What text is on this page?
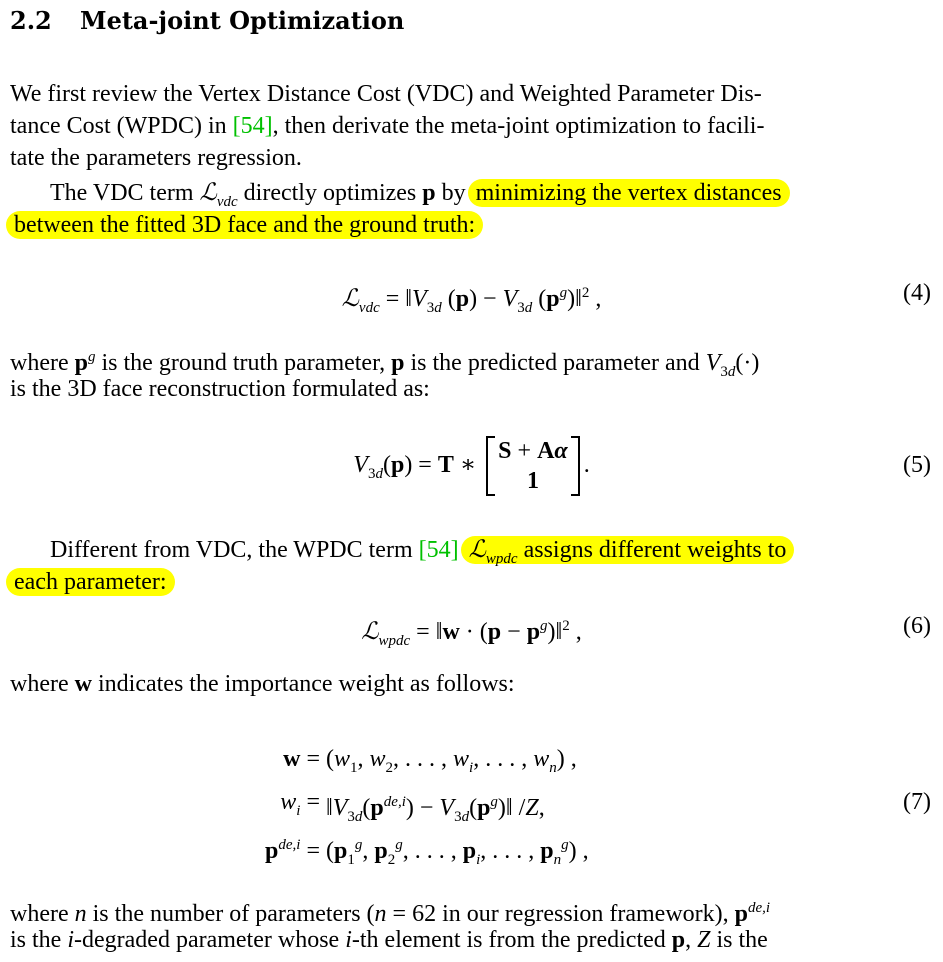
2.2 Meta-joint Optimization
We first review the Vertex Distance Cost (VDC) and Weighted Parameter Dis-
tance Cost (WPDC) in [54], then derivate the meta-joint optimization to facili-
tate the parameters regression.
The VDC term ℒ$_{vdc}$ directly optimizes p by minimizing the vertex distances
between the fitted 3D face and the ground truth:
ℒ$_{vdc}$ = $‖V_{3d}$ $(p) - V_{3d}$ $(p^g)‖^2$ ,	(4)
where $p^g$ is the ground truth parameter, p is the predicted parameter and $V_{3d}(\cdot)$
is the 3D face reconstruction formulated as:
$V_{3d}(p) = T$ ∗ S + Aα
1.	(5)
Different from VDC, the WPDC term [54] ℒ$_{wpdc}$ assigns different weights to
each parameter:
ℒ$_{wpdc}$ = ‖w · $(p - p^g)‖^2$ ,	(6)
where w indicates the importance weight as follows:
$w = (w_1$, $w_2$, . . . , $w_i$, . . . , $w_n$) ,
$w_i$ = $‖V_{3d}(p^{de,i})$ − $V_{3d}(p^g)‖$ /Z,
$p^{de,i} = (p_1^g$, $p_2^g$, . . . , $p_i$, . . . , $p_n^g$) ,
(7)
where n is the number of parameters (n = 62 in our regression framework), $p^{de,i}$
is the i-degraded parameter whose i-th element is from the predicted p, Z is the
